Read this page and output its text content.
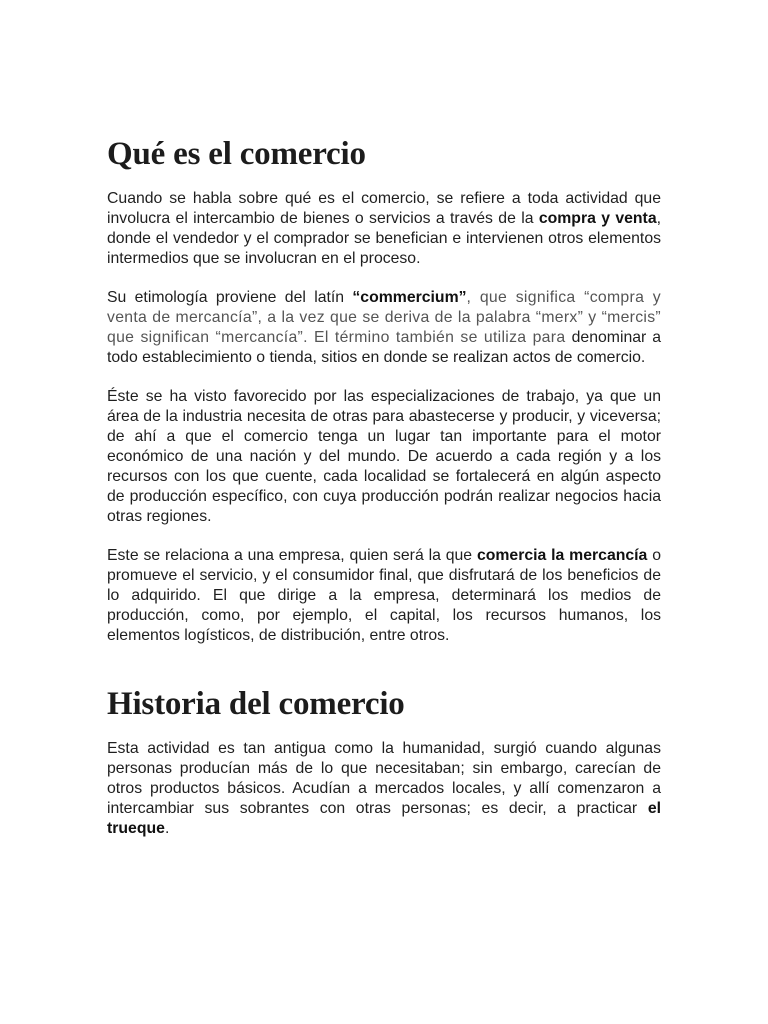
Qué es el comercio

Cuando se habla sobre qué es el comercio, se refiere a toda actividad que involucra el intercambio de bienes o servicios a través de la compra y venta, donde el vendedor y el comprador se benefician e intervienen otros elementos intermedios que se involucran en el proceso.

Su etimología proviene del latín “commercium”, que significa “compra y venta de mercancía”, a la vez que se deriva de la palabra “merx” y “mercis” que significan “mercancía”. El término también se utiliza para denominar a todo establecimiento o tienda, sitios en donde se realizan actos de comercio.

Éste se ha visto favorecido por las especializaciones de trabajo, ya que un área de la industria necesita de otras para abastecerse y producir, y viceversa; de ahí a que el comercio tenga un lugar tan importante para el motor económico de una nación y del mundo. De acuerdo a cada región y a los recursos con los que cuente, cada localidad se fortalecerá en algún aspecto de producción específico, con cuya producción podrán realizar negocios hacia otras regiones.

Este se relaciona a una empresa, quien será la que comercia la mercancía o promueve el servicio, y el consumidor final, que disfrutará de los beneficios de lo adquirido. El que dirige a la empresa, determinará los medios de producción, como, por ejemplo, el capital, los recursos humanos, los elementos logísticos, de distribución, entre otros.

Historia del comercio

Esta actividad es tan antigua como la humanidad, surgió cuando algunas personas producían más de lo que necesitaban; sin embargo, carecían de otros productos básicos. Acudían a mercados locales, y allí comenzaron a intercambiar sus sobrantes con otras personas; es decir, a practicar el trueque.
